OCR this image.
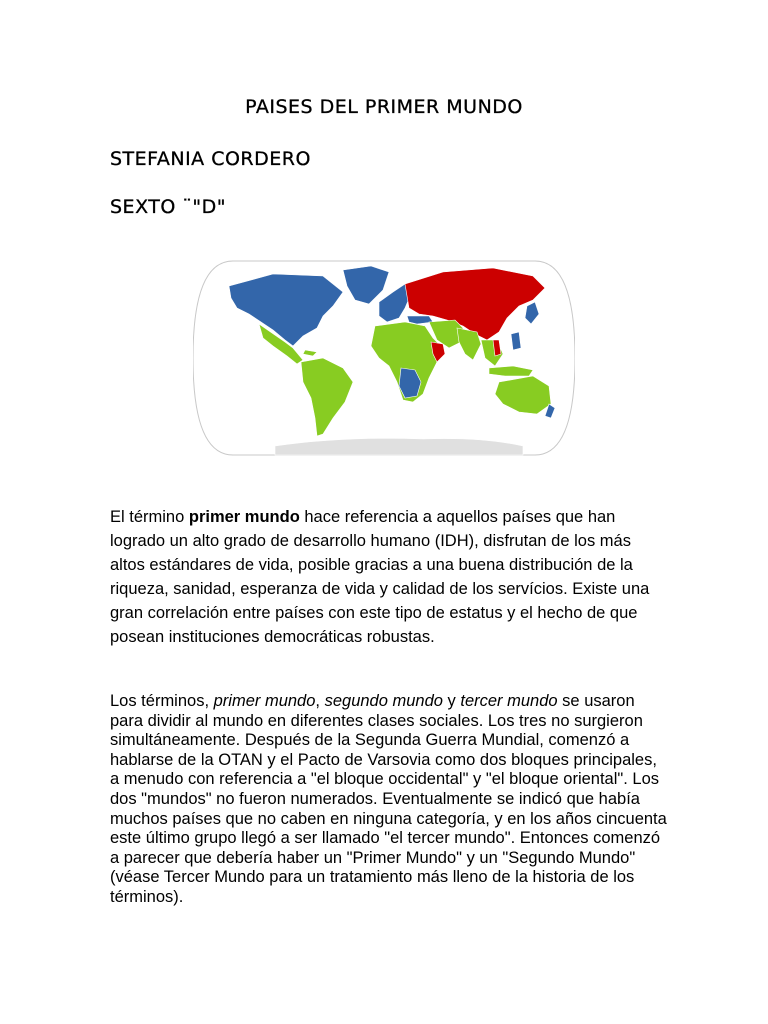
PAISES DEL PRIMER MUNDO
STEFANIA CORDERO
SEXTO ¨"D"
El término primer mundo hace referencia a aquellos países que han logrado un alto grado de desarrollo humano (IDH), disfrutan de los más altos estándares de vida, posible gracias a una buena distribución de la riqueza, sanidad, esperanza de vida y calidad de los servícios. Existe una gran correlación entre países con este tipo de estatus y el hecho de que posean instituciones democráticas robustas.
Los términos, primer mundo, segundo mundo y tercer mundo se usaron para dividir al mundo en diferentes clases sociales. Los tres no surgieron simultáneamente. Después de la Segunda Guerra Mundial, comenzó a hablarse de la OTAN y el Pacto de Varsovia como dos bloques principales, a menudo con referencia a "el bloque occidental" y "el bloque oriental". Los dos "mundos" no fueron numerados. Eventualmente se indicó que había muchos países que no caben en ninguna categoría, y en los años cincuenta este último grupo llegó a ser llamado "el tercer mundo". Entonces comenzó a parecer que debería haber un "Primer Mundo" y un "Segundo Mundo" (véase Tercer Mundo para un tratamiento más lleno de la historia de los términos).
